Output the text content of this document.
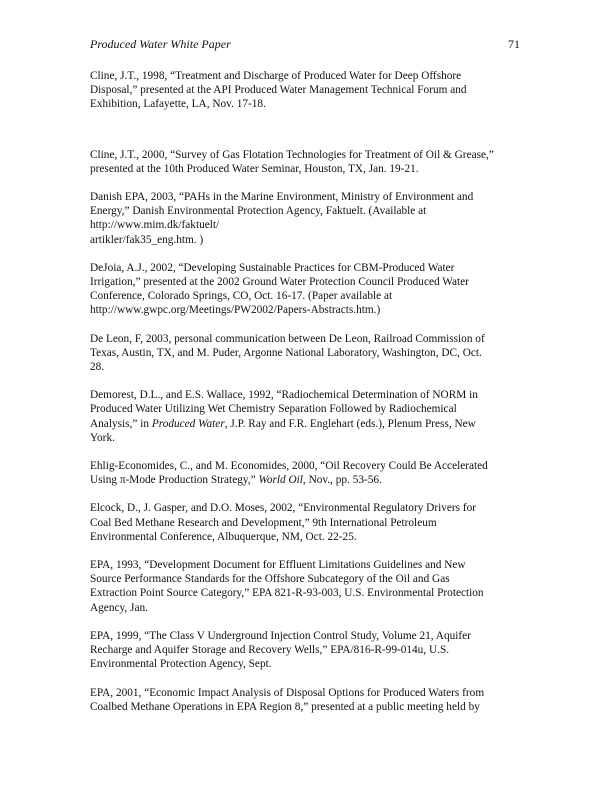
Produced Water White Paper	71

Cline, J.T., 1998, “Treatment and Discharge of Produced Water for Deep Offshore
Disposal,” presented at the API Produced Water Management Technical Forum and
Exhibition, Lafayette, LA, Nov. 17-18.

Cline, J.T., 2000, “Survey of Gas Flotation Technologies for Treatment of Oil & Grease,”
presented at the 10th Produced Water Seminar, Houston, TX, Jan. 19-21.

Danish EPA, 2003, “PAHs in the Marine Environment, Ministry of Environment and
Energy,” Danish Environmental Protection Agency, Faktuelt. (Available at
http://www.mim.dk/faktuelt/
artikler/fak35_eng.htm. )

DeJoia, A.J., 2002, “Developing Sustainable Practices for CBM-Produced Water
Irrigation,” presented at the 2002 Ground Water Protection Council Produced Water
Conference, Colorado Springs, CO, Oct. 16-17. (Paper available at
http://www.gwpc.org/Meetings/PW2002/Papers-Abstracts.htm.)

De Leon, F, 2003, personal communication between De Leon, Railroad Commission of
Texas, Austin, TX, and M. Puder, Argonne National Laboratory, Washington, DC, Oct.
28.

Demorest, D.L., and E.S. Wallace, 1992, “Radiochemical Determination of NORM in
Produced Water Utilizing Wet Chemistry Separation Followed by Radiochemical
Analysis,” in Produced Water, J.P. Ray and F.R. Englehart (eds.), Plenum Press, New
York.

Ehlig-Economides, C., and M. Economides, 2000, “Oil Recovery Could Be Accelerated
Using π-Mode Production Strategy,” World Oil, Nov., pp. 53-56.

Elcock, D., J. Gasper, and D.O. Moses, 2002, “Environmental Regulatory Drivers for
Coal Bed Methane Research and Development,” 9th International Petroleum
Environmental Conference, Albuquerque, NM, Oct. 22-25.

EPA, 1993, “Development Document for Effluent Limitations Guidelines and New
Source Performance Standards for the Offshore Subcategory of the Oil and Gas
Extraction Point Source Category,” EPA 821-R-93-003, U.S. Environmental Protection
Agency, Jan.

EPA, 1999, “The Class V Underground Injection Control Study, Volume 21, Aquifer
Recharge and Aquifer Storage and Recovery Wells,” EPA/816-R-99-014u, U.S.
Environmental Protection Agency, Sept.

EPA, 2001, “Economic Impact Analysis of Disposal Options for Produced Waters from
Coalbed Methane Operations in EPA Region 8,” presented at a public meeting held by
